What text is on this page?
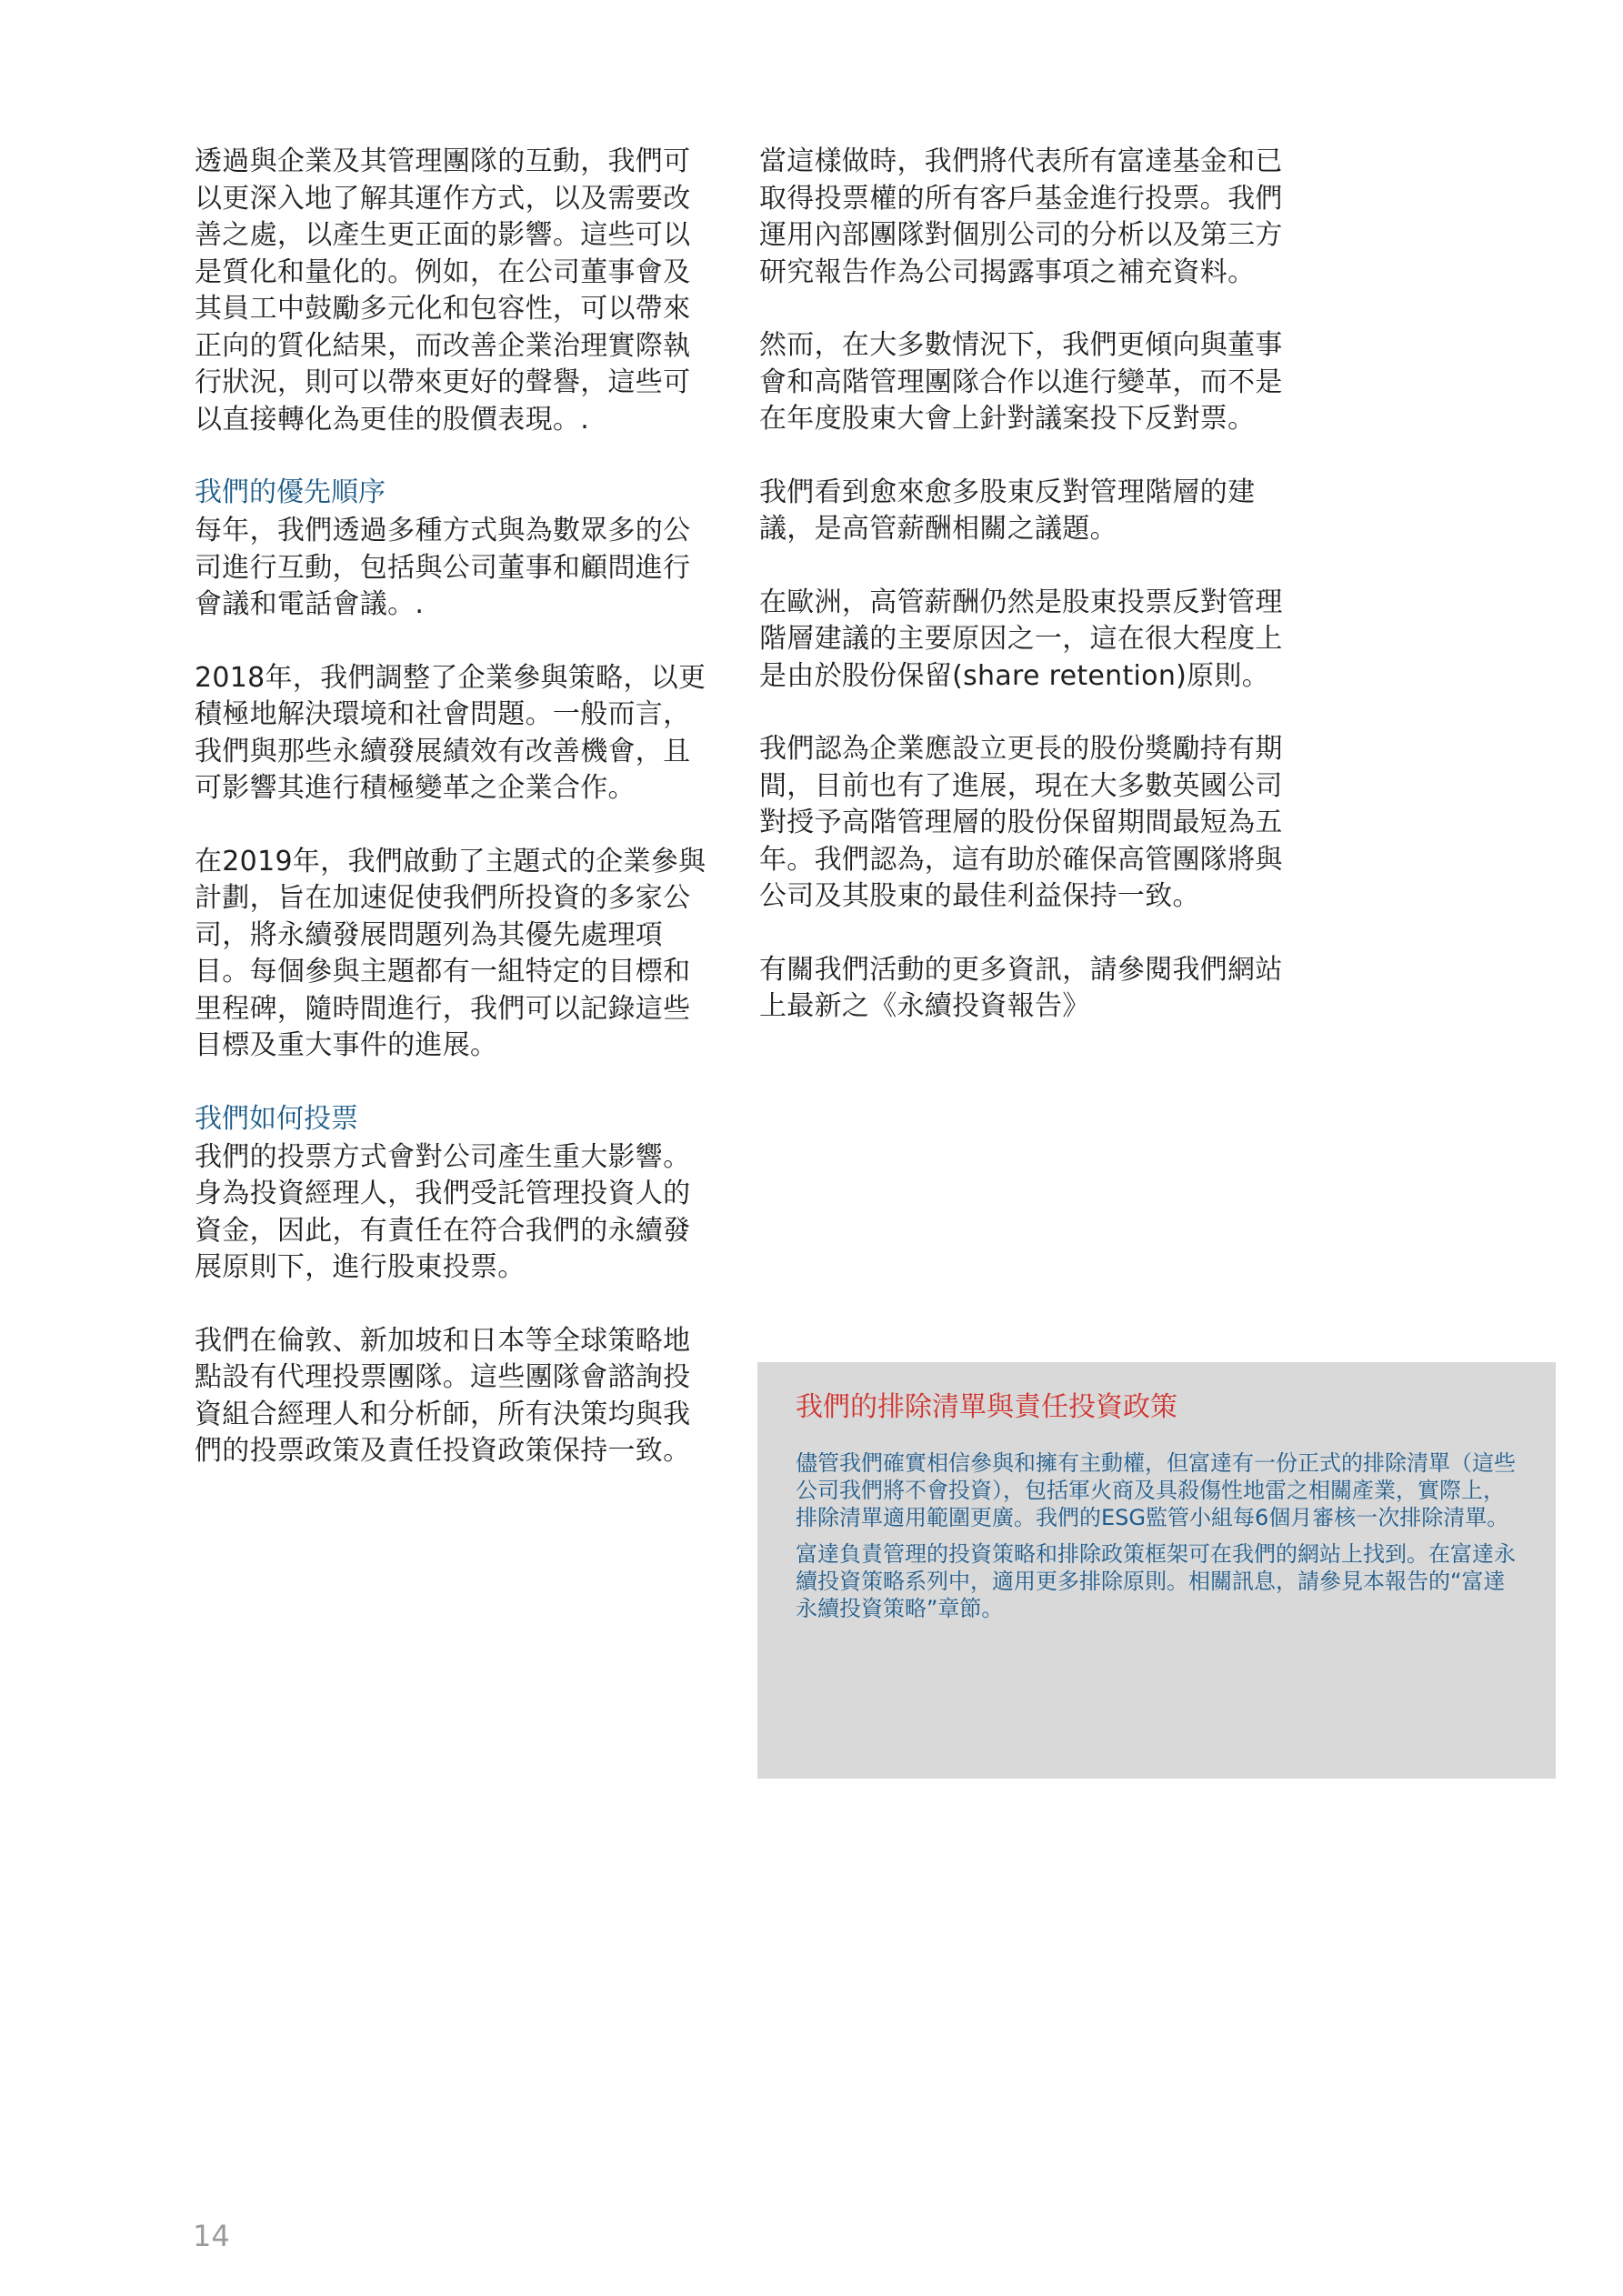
透過與企業及其管理團隊的互動，我們可以更深入地了解其運作方式，以及需要改善之處，以產生更正面的影響。這些可以是質化和量化的。例如，在公司董事會及其員工中鼓勵多元化和包容性，可以帶來正向的質化結果，而改善企業治理實際執行狀況，則可以帶來更好的聲譽，這些可以直接轉化為更佳的股價表現。.

我們的優先順序

每年，我們透過多種方式與為數眾多的公司進行互動，包括與公司董事和顧問進行會議和電話會議。.

2018年，我們調整了企業參與策略，以更積極地解決環境和社會問題。一般而言，我們與那些永續發展績效有改善機會，且可影響其進行積極變革之企業合作。

在2019年，我們啟動了主題式的企業參與計劃，旨在加速促使我們所投資的多家公司，將永續發展問題列為其優先處理項目。每個參與主題都有一組特定的目標和里程碑，隨時間進行，我們可以記錄這些目標及重大事件的進展。

我們如何投票

我們的投票方式會對公司產生重大影響。身為投資經理人，我們受託管理投資人的資金，因此，有責任在符合我們的永續發展原則下，進行股東投票。

我們在倫敦、新加坡和日本等全球策略地點設有代理投票團隊。這些團隊會諮詢投資組合經理人和分析師，所有決策均與我們的投票政策及責任投資政策保持一致。

當這樣做時，我們將代表所有富達基金和已取得投票權的所有客戶基金進行投票。我們運用內部團隊對個別公司的分析以及第三方研究報告作為公司揭露事項之補充資料。

然而，在大多數情況下，我們更傾向與董事會和高階管理團隊合作以進行變革，而不是在年度股東大會上針對議案投下反對票。

我們看到愈來愈多股東反對管理階層的建議，是高管薪酬相關之議題。

在歐洲，高管薪酬仍然是股東投票反對管理階層建議的主要原因之一，這在很大程度上是由於股份保留(share retention)原則。

我們認為企業應設立更長的股份獎勵持有期間，目前也有了進展，現在大多數英國公司對授予高階管理層的股份保留期間最短為五年。我們認為，這有助於確保高管團隊將與公司及其股東的最佳利益保持一致。

有關我們活動的更多資訊，請參閱我們網站上最新之《永續投資報告》

我們的排除清單與責任投資政策

儘管我們確實相信參與和擁有主動權，但富達有一份正式的排除清單（這些公司我們將不會投資），包括軍火商及具殺傷性地雷之相關產業，實際上，排除清單適用範圍更廣。我們的ESG監管小組每6個月審核一次排除清單。

富達負責管理的投資策略和排除政策框架可在我們的網站上找到。在富達永續投資策略系列中，適用更多排除原則。相關訊息，請參見本報告的“富達永續投資策略”章節。

14
